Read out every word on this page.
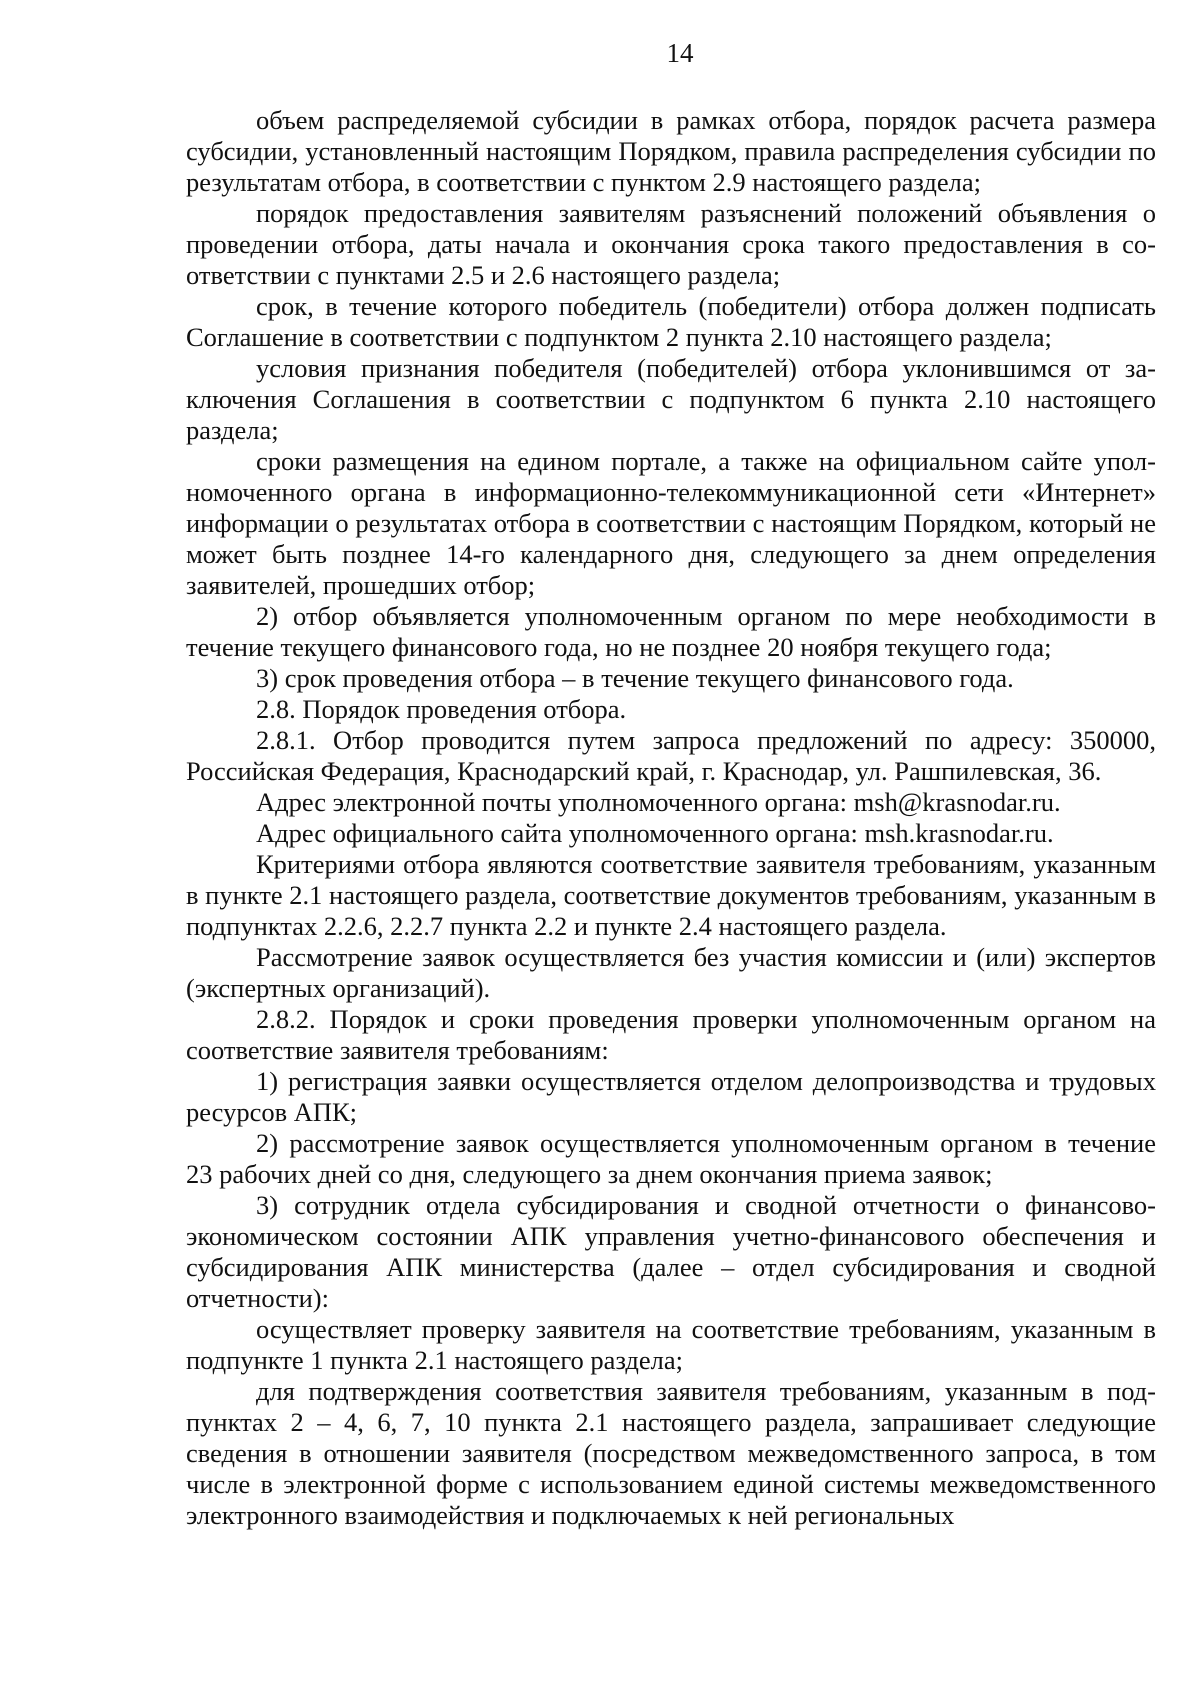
14

объем распределяемой субсидии в рамках отбора, порядок расчета размера субсидии, установленный настоящим Порядком, правила распределения субсидии по результатам отбора, в соответствии с пунктом 2.9 настоящего раздела;

порядок предоставления заявителям разъяснений положений объявления о проведении отбора, даты начала и окончания срока такого предоставления в соответствии с пунктами 2.5 и 2.6 настоящего раздела;

срок, в течение которого победитель (победители) отбора должен подписать Соглашение в соответствии с подпунктом 2 пункта 2.10 настоящего раздела;

условия признания победителя (победителей) отбора уклонившимся от заключения Соглашения в соответствии с подпунктом 6 пункта 2.10 настоящего раздела;

сроки размещения на едином портале, а также на официальном сайте уполномоченного органа в информационно-телекоммуникационной сети «Интернет» информации о результатах отбора в соответствии с настоящим Порядком, который не может быть позднее 14-го календарного дня, следующего за днем определения заявителей, прошедших отбор;

2) отбор объявляется уполномоченным органом по мере необходимости в течение текущего финансового года, но не позднее 20 ноября текущего года;

3) срок проведения отбора – в течение текущего финансового года.

2.8. Порядок проведения отбора.

2.8.1. Отбор проводится путем запроса предложений по адресу: 350000, Российская Федерация, Краснодарский край, г. Краснодар, ул. Рашпилевская, 36.

Адрес электронной почты уполномоченного органа: msh@krasnodar.ru.

Адрес официального сайта уполномоченного органа: msh.krasnodar.ru.

Критериями отбора являются соответствие заявителя требованиям, указанным в пункте 2.1 настоящего раздела, соответствие документов требованиям, указанным в подпунктах 2.2.6, 2.2.7 пункта 2.2 и пункте 2.4 настоящего раздела.

Рассмотрение заявок осуществляется без участия комиссии и (или) экспертов (экспертных организаций).

2.8.2. Порядок и сроки проведения проверки уполномоченным органом на соответствие заявителя требованиям:

1) регистрация заявки осуществляется отделом делопроизводства и трудовых ресурсов АПК;

2) рассмотрение заявок осуществляется уполномоченным органом в течение 23 рабочих дней со дня, следующего за днем окончания приема заявок;

3) сотрудник отдела субсидирования и сводной отчетности о финансово-экономическом состоянии АПК управления учетно-финансового обеспечения и субсидирования АПК министерства (далее – отдел субсидирования и сводной отчетности):

осуществляет проверку заявителя на соответствие требованиям, указанным в подпункте 1 пункта 2.1 настоящего раздела;

для подтверждения соответствия заявителя требованиям, указанным в подпунктах 2 – 4, 6, 7, 10 пункта 2.1 настоящего раздела, запрашивает следующие сведения в отношении заявителя (посредством межведомственного запроса, в том числе в электронной форме с использованием единой системы межведомственного электронного взаимодействия и подключаемых к ней региональных
